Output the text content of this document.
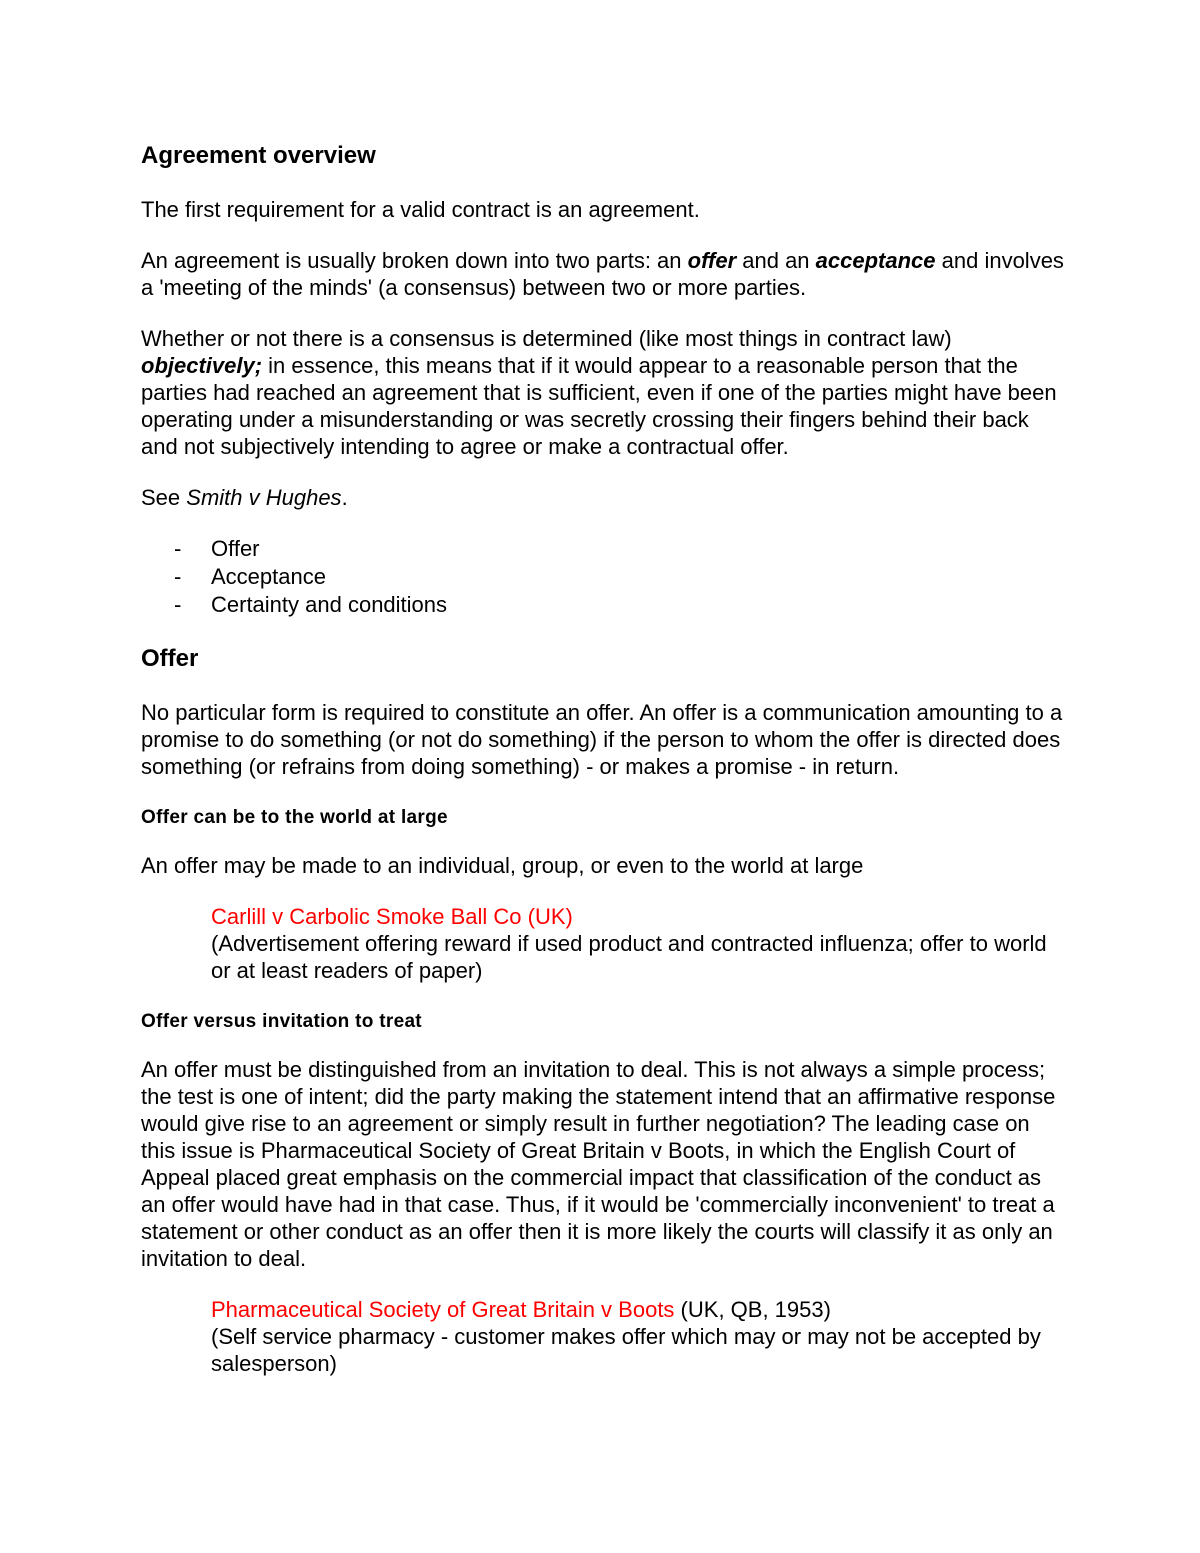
Agreement overview

The first requirement for a valid contract is an agreement.

An agreement is usually broken down into two parts: an offer and an acceptance and involves a 'meeting of the minds' (a consensus) between two or more parties.

Whether or not there is a consensus is determined (like most things in contract law) objectively; in essence, this means that if it would appear to a reasonable person that the parties had reached an agreement that is sufficient, even if one of the parties might have been operating under a misunderstanding or was secretly crossing their fingers behind their back and not subjectively intending to agree or make a contractual offer.

See Smith v Hughes.

- Offer
- Acceptance
- Certainty and conditions
Offer

No particular form is required to constitute an offer. An offer is a communication amounting to a promise to do something (or not do something) if the person to whom the offer is directed does something (or refrains from doing something) - or makes a promise - in return.

Offer can be to the world at large

An offer may be made to an individual, group, or even to the world at large

Carlill v Carbolic Smoke Ball Co (UK)
(Advertisement offering reward if used product and contracted influenza; offer to world or at least readers of paper)
Offer versus invitation to treat

An offer must be distinguished from an invitation to deal. This is not always a simple process; the test is one of intent; did the party making the statement intend that an affirmative response would give rise to an agreement or simply result in further negotiation? The leading case on this issue is Pharmaceutical Society of Great Britain v Boots, in which the English Court of Appeal placed great emphasis on the commercial impact that classification of the conduct as an offer would have had in that case. Thus, if it would be 'commercially inconvenient' to treat a statement or other conduct as an offer then it is more likely the courts will classify it as only an invitation to deal.

Pharmaceutical Society of Great Britain v Boots (UK, QB, 1953)
(Self service pharmacy - customer makes offer which may or may not be accepted by salesperson)
